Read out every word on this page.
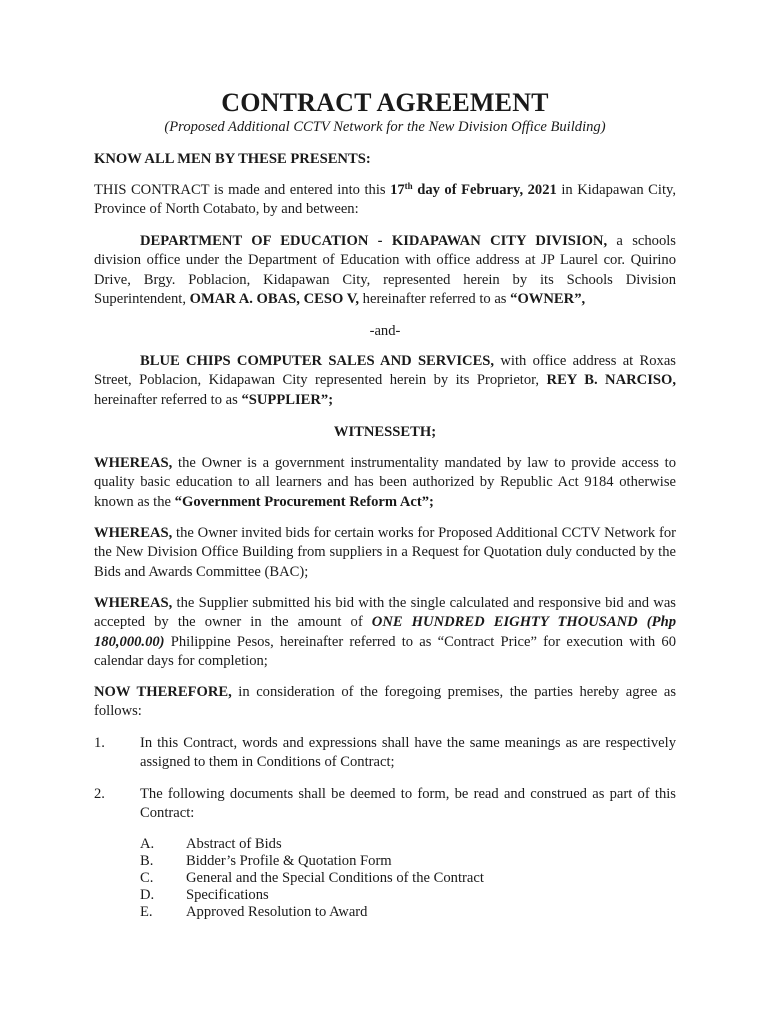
CONTRACT AGREEMENT
(Proposed Additional CCTV Network for the New Division Office Building)
KNOW ALL MEN BY THESE PRESENTS:
THIS CONTRACT is made and entered into this 17th day of February, 2021 in Kidapawan City, Province of North Cotabato, by and between:
DEPARTMENT OF EDUCATION - KIDAPAWAN CITY DIVISION, a schools division office under the Department of Education with office address at JP Laurel cor. Quirino Drive, Brgy. Poblacion, Kidapawan City, represented herein by its Schools Division Superintendent, OMAR A. OBAS, CESO V, hereinafter referred to as “OWNER”,
-and-
BLUE CHIPS COMPUTER SALES AND SERVICES, with office address at Roxas Street, Poblacion, Kidapawan City represented herein by its Proprietor, REY B. NARCISO, hereinafter referred to as “SUPPLIER”;
WITNESSETH;
WHEREAS, the Owner is a government instrumentality mandated by law to provide access to quality basic education to all learners and has been authorized by Republic Act 9184 otherwise known as the “Government Procurement Reform Act”;
WHEREAS, the Owner invited bids for certain works for Proposed Additional CCTV Network for the New Division Office Building from suppliers in a Request for Quotation duly conducted by the Bids and Awards Committee (BAC);
WHEREAS, the Supplier submitted his bid with the single calculated and responsive bid and was accepted by the owner in the amount of ONE HUNDRED EIGHTY THOUSAND (Php 180,000.00) Philippine Pesos, hereinafter referred to as “Contract Price” for execution with 60 calendar days for completion;
NOW THEREFORE, in consideration of the foregoing premises, the parties hereby agree as follows:
1. In this Contract, words and expressions shall have the same meanings as are respectively assigned to them in Conditions of Contract;
2. The following documents shall be deemed to form, be read and construed as part of this Contract:
A. Abstract of Bids
B. Bidder’s Profile & Quotation Form
C. General and the Special Conditions of the Contract
D. Specifications
E. Approved Resolution to Award
